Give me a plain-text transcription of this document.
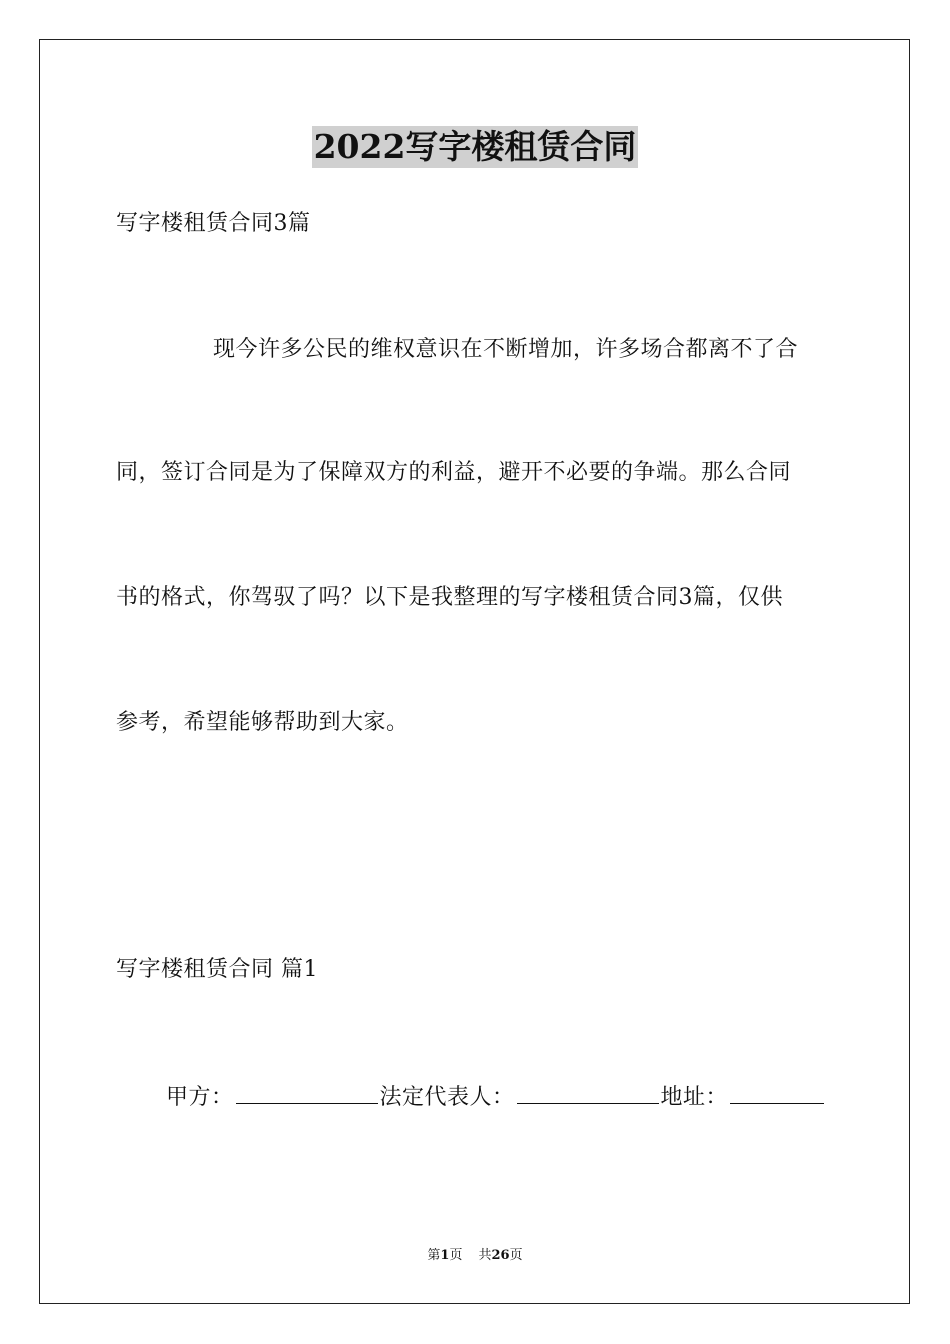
2022写字楼租赁合同
写字楼租赁合同3篇
现今许多公民的维权意识在不断增加，许多场合都离不了合
同，签订合同是为了保障双方的利益，避开不必要的争端。那么合同
书的格式，你驾驭了吗？以下是我整理的写字楼租赁合同3篇，仅供
参考，希望能够帮助到大家。
写字楼租赁合同 篇1
甲方：	法定代表人：	地址：
第1页 共26页
